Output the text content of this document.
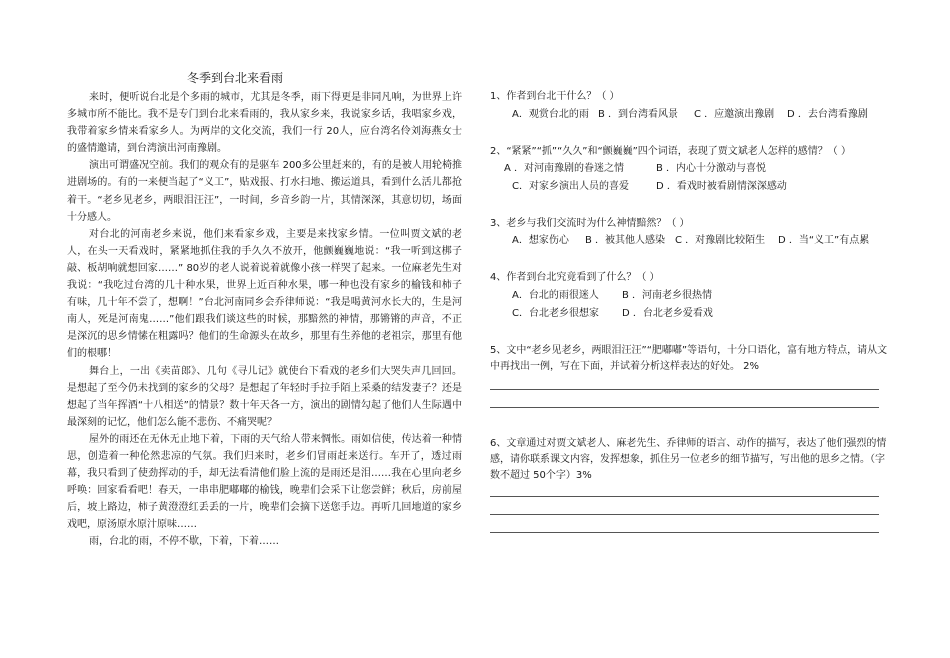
冬季到台北来看雨

来时，便听说台北是个多雨的城市，尤其是冬季，雨下得更是非同凡响，为世界上许多城市所不能比。我不是专门到台北来看雨的，我从家乡来，我说家乡话，我唱家乡戏，我带着家乡情来看家乡人。为两岸的文化交流，我们一行 20人，应台湾名伶刘海燕女士的盛情邀请，到台湾演出河南豫剧。

演出可谓盛况空前。我们的观众有的是驱车 200多公里赶来的，有的是被人用轮椅推进剧场的。有的一来便当起了“义工”，贴戏报、打水扫地、搬运道具，看到什么活儿都抢着干。“老乡见老乡，两眼泪汪汪”，一时间，乡音乡韵一片，其情深深，其意切切，场面十分感人。

对台北的河南老乡来说，他们来看家乡戏，主要是来找家乡情。一位叫贾文斌的老人，在头一天看戏时，紧紧地抓住我的手久久不放开，他颤巍巍地说：“我一听到这梆子敲、板胡响就想回家……” 80岁的老人说着说着就像小孩一样哭了起来。一位麻老先生对我说：“我吃过台湾的几十种水果，世界上近百种水果，哪一种也没有家乡的榆钱和柿子有味，几十年不尝了，想啊！”台北河南同乡会乔律师说：“我是喝黄河水长大的，生是河南人，死是河南鬼……”他们跟我们谈这些的时候，那黯然的神情，那锵锵的声音，不正是深沉的思乡情愫在粗露吗？他们的生命源头在故乡，那里有生养他的老祖宗，那里有他们的根哪！

舞台上，一出《卖苗郎》、几句《寻儿记》就使台下看戏的老乡们大哭失声几回回。是想起了至今仍未找到的家乡的父母？是想起了年轻时手拉手陌上采桑的结发妻子？还是想起了当年挥酒“十八相送”的情景？数十年天各一方，演出的剧情勾起了他们人生际遇中最深刻的记忆，他们怎么能不悲伤、不痛哭呢？

屋外的雨还在无休无止地下着，下雨的天气给人带来惆怅。雨如信使，传达着一种情思，创造着一种伦然悲凉的气氛。我们归来时，老乡们冒雨赶来送行。车开了，透过雨幕，我只看到了使劲挥动的手，却无法看清他们脸上流的是雨还是泪……我在心里向老乡呼唤：回家看看吧！春天，一串串肥嘟嘟的榆钱，晚辈们会采下让您尝鲜；秋后，房前屋后，坡上路边，柿子黄澄澄红丢丢的一片，晚辈们会摘下送您手边。再听几回地道的家乡戏吧，原汤原水原汁原味……

雨，台北的雨，不停不歇，下着，下着……

1、作者到台北干什么？（ ）
A．观赏台北的雨 B ．到台湾看风景 C ．应邀演出豫剧 D ．去台湾看豫剧
2、“紧紧”“抓”“久久”和“颤巍巍”四个词语，表现了贾文斌老人怎样的感情？（ ）
A ．对河南豫剧的眷迷之情	B ．内心十分激动与喜悦
C．对家乡演出人员的喜爱	D ．看戏时被看剧情深深感动
3、老乡与我们交流时为什么神情黯然？（ ）
A．想家伤心 B ．被其他人感染 C ．对豫剧比较陌生 D ．当“义工”有点累
4、作者到台北究竟看到了什么？（ ）
A．台北的雨很迷人 B ．河南老乡很热情
C．台北老乡很想家 D ．台北老乡爱看戏
5、文中“老乡见老乡，两眼泪汪汪”“肥嘟嘟”等语句，十分口语化，富有地方特点，请从文中再找出一例，写在下面，并试着分析这样表达的好处。 2%
6、文章通过对贾文斌老人、麻老先生、乔律师的语言、动作的描写，表达了他们强烈的情感，请你联系课文内容，发挥想象，抓住另一位老乡的细节描写，写出他的思乡之情。（字数不超过 50个字）3%
